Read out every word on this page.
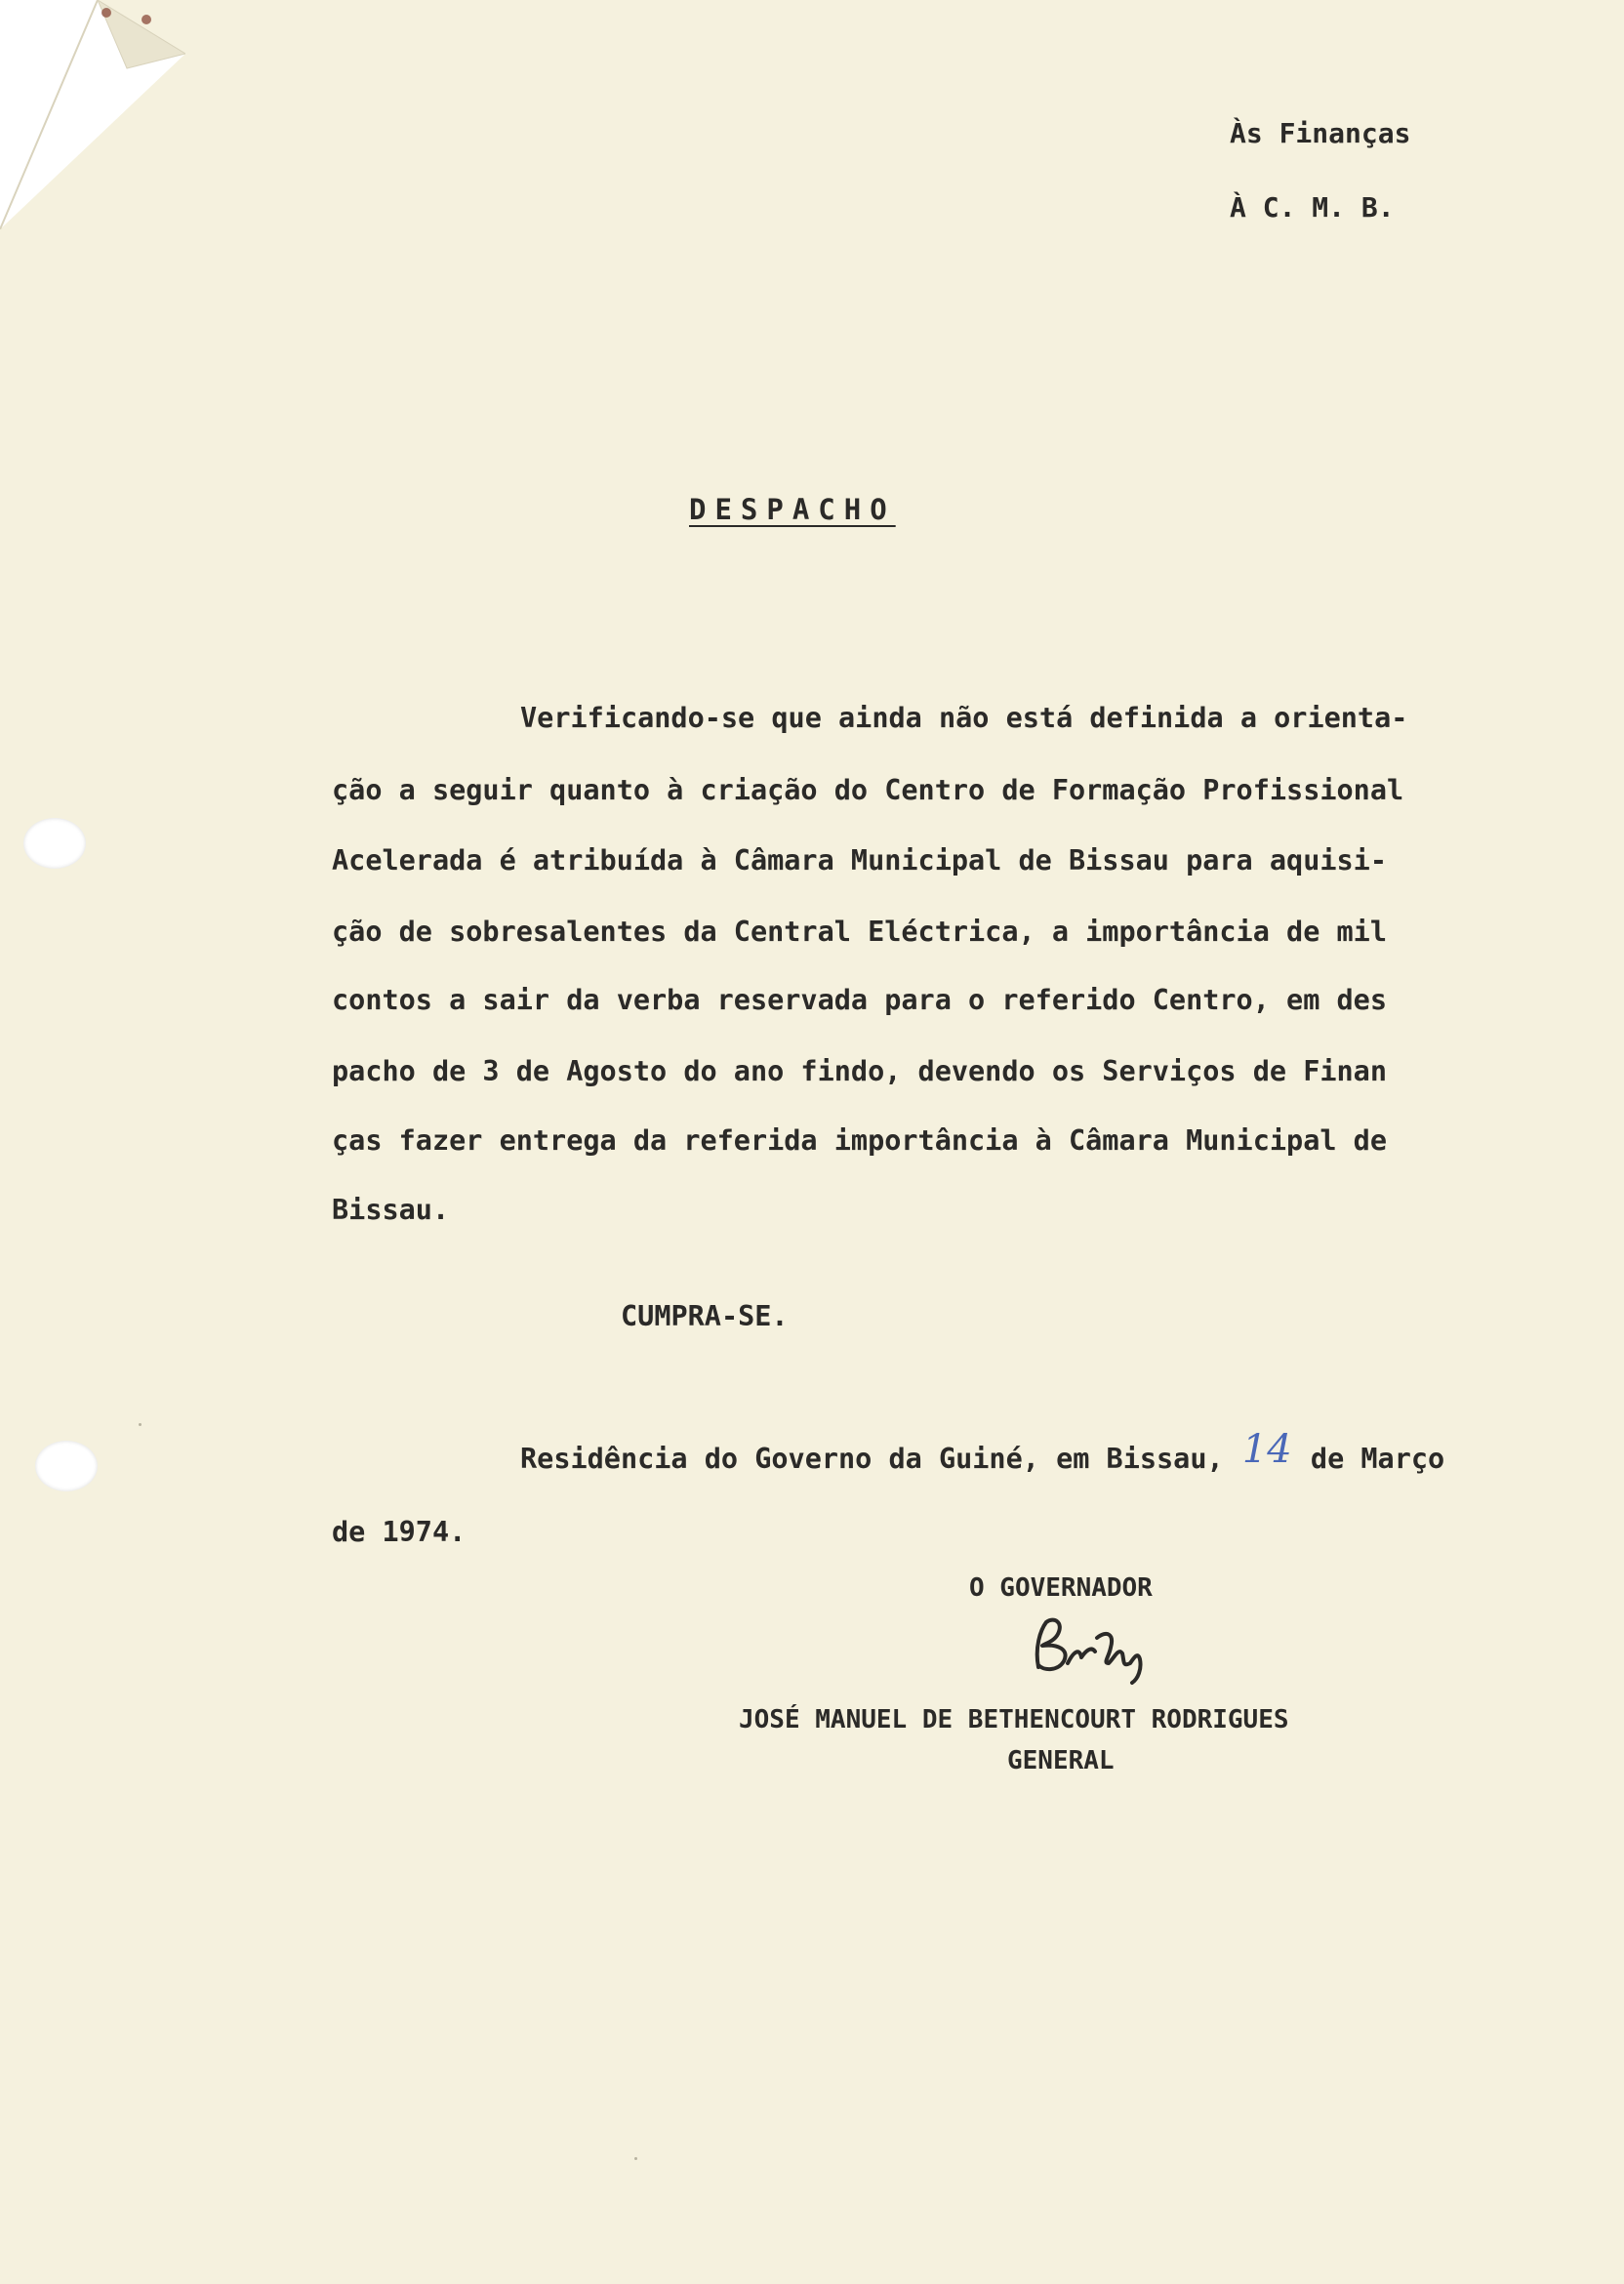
Às Finanças
À C. M. B.
DESPACHO
Verificando-se que ainda não está definida a orienta-
ção a seguir quanto à criação do Centro de Formação Profissional
Acelerada é atribuída à Câmara Municipal de Bissau para aquisi-
ção de sobresalentes da Central Eléctrica, a importância de mil
contos a sair da verba reservada para o referido Centro, em des
pacho de 3 de Agosto do ano findo, devendo os Serviços de Finan
ças fazer entrega da referida importância à Câmara Municipal de
Bissau.
CUMPRA-SE.
Residência do Governo da Guiné, em Bissau, 14 de Março
de 1974.
O GOVERNADOR
JOSÉ MANUEL DE BETHENCOURT RODRIGUES
GENERAL
